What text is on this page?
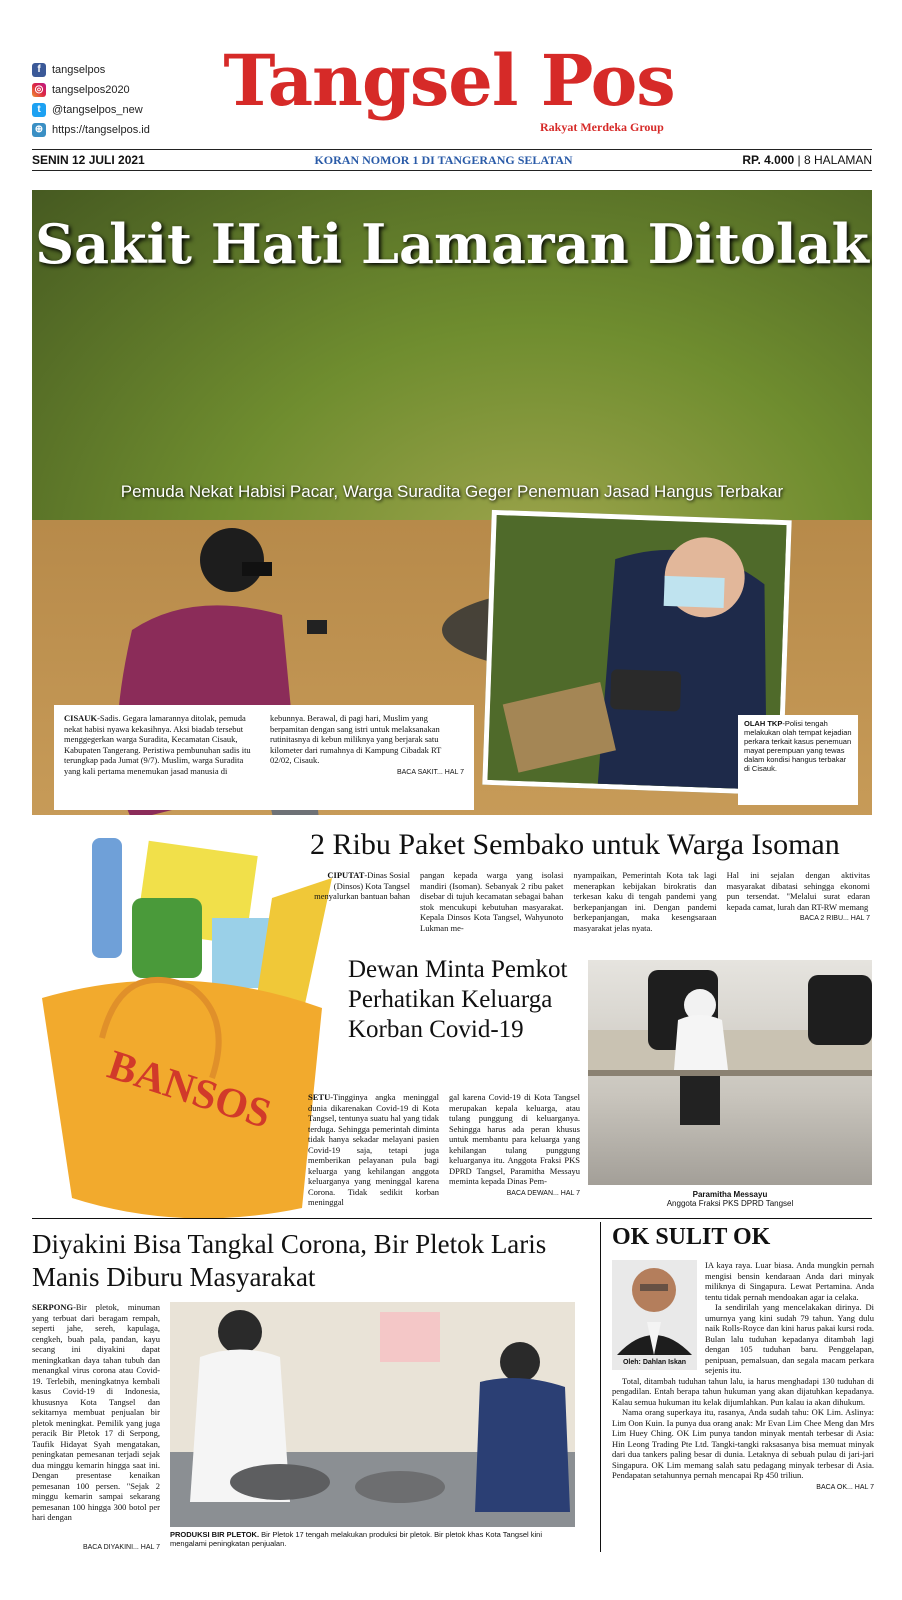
f	tangselpos
◎ tangselpos2020
t	@tangselpos_new
⊕ https://tangselpos.id
Tangsel Pos
Rakyat Merdeka Group
SENIN 12 JULI 2021	KORAN NOMOR 1 DI TANGERANG SELATAN	RP. 4.000 | 8 HALAMAN
Sakit Hati Lamaran Ditolak
Pemuda Nekat Habisi Pacar, Warga Suradita Geger Penemuan Jasad Hangus Terbakar

CISAUK-Sadis. Gegara lamarannya ditolak, pemuda nekat habisi nyawa kekasihnya. Aksi biadab tersebut menggegerkan warga Suradita, Kecamatan Cisauk, Kabupaten Tangerang. Peristiwa pembunuhan sadis itu terungkap pada Jumat (9/7). Muslim, warga Suradita yang kali pertama menemukan jasad manusia di

kebunnya. Berawal, di pagi hari, Muslim yang berpamitan dengan sang istri untuk melaksanakan rutinitasnya di kebun miliknya yang berjarak satu kilometer dari rumahnya di Kampung Cibadak RT 02/02, Cisauk.
BACA SAKIT... HAL 7

OLAH TKP-Polisi tengah melakukan olah tempat kejadian perkara terkait kasus penemuan mayat perempuan yang tewas dalam kondisi hangus terbakar di Cisauk.
BANSOS
2 Ribu Paket Sembako untuk Warga Isoman

CIPUTAT-Dinas Sosial (Dinsos) Kota Tangsel menyalurkan bantuan bahan

pangan kepada warga yang isolasi mandiri (Isoman). Sebanyak 2 ribu paket disebar di tujuh kecamatan sebagai bahan stok mencukupi kebutuhan masyarakat. Kepala Dinsos Kota Tangsel, Wahyunoto Lukman me-

nyampaikan, Pemerintah Kota tak lagi menerapkan kebijakan birokratis dan terkesan kaku di tengah pandemi yang berkepanjangan ini. Dengan pandemi berkepanjangan, maka kesengsaraan masyarakat jelas nyata.

Hal ini sejalan dengan aktivitas masyarakat dibatasi sehingga ekonomi pun tersendat. "Melalui surat edaran kepada camat, lurah dan RT-RW memang
BACA 2 RIBU... HAL 7

Dewan Minta Pemkot Perhatikan Keluarga Korban Covid-19

SETU-Tingginya angka meninggal dunia dikarenakan Covid-19 di Kota Tangsel, tentunya suatu hal yang tidak terduga. Sehingga pemerintah diminta tidak hanya sekadar melayani pasien Covid-19 saja, tetapi juga memberikan pelayanan pula bagi keluarga yang kehilangan anggota keluarganya yang meninggal karena Corona. Tidak sedikit korban meninggal

gal karena Covid-19 di Kota Tangsel merupakan kepala keluarga, atau tulang punggung di keluarganya. Sehingga harus ada peran khusus untuk membantu para keluarga yang kehilangan tulang punggung keluarganya itu. Anggota Fraksi PKS DPRD Tangsel, Paramitha Messayu meminta kepada Dinas Pem-
BACA DEWAN... HAL 7	Paramitha Messayu
Anggota Fraksi PKS DPRD Tangsel
Diyakini Bisa Tangkal Corona, Bir Pletok Laris Manis Diburu Masyarakat

SERPONG-Bir pletok, minuman yang terbuat dari beragam rempah, seperti jahe, sereh, kapulaga, cengkeh, buah pala, pandan, kayu secang ini diyakini dapat meningkatkan daya tahan tubuh dan menangkal virus corona atau Covid-19. Terlebih, meningkatnya kembali kasus Covid-19 di Indonesia, khususnya Kota Tangsel dan sekitarnya membuat penjualan bir pletok meningkat. Pemilik yang juga peracik Bir Pletok 17 di Serpong, Taufik Hidayat Syah mengatakan, peningkatan pemesanan terjadi sejak dua minggu kemarin hingga saat ini. Dengan presentase kenaikan pemesanan 100 persen. "Sejak 2 minggu kemarin sampai sekarang pemesanan 100 hingga 300 botol per hari dengan

BACA DIYAKINI... HAL 7
PRODUKSI BIR PLETOK. Bir Pletok 17 tengah melakukan produksi bir pletok. Bir pletok khas Kota Tangsel kini mengalami peningkatan penjualan.
OK SULIT OK
Oleh: Dahlan Iskan

IA kaya raya. Luar biasa. Anda mungkin pernah mengisi bensin kendaraan Anda dari minyak miliknya di Singapura. Lewat Pertamina. Anda tentu tidak pernah mendoakan agar ia celaka.

Ia sendirilah yang mencelakakan dirinya. Di umurnya yang kini sudah 79 tahun. Yang dulu naik Rolls-Royce dan kini harus pakai kursi roda. Bulan lalu tuduhan kepadanya ditambah lagi dengan 105 tuduhan baru. Penggelapan, penipuan, pemalsuan, dan segala macam perkara sejenis itu.

Total, ditambah tuduhan tahun lalu, ia harus menghadapi 130 tuduhan di pengadilan. Entah berapa tahun hukuman yang akan dijatuhkan kepadanya. Kalau semua hukuman itu kelak dijumlahkan. Pun kalau ia akan dihukum.

Nama orang superkaya itu, rasanya, Anda sudah tahu: OK Lim. Aslinya: Lim Oon Kuin. Ia punya dua orang anak: Mr Evan Lim Chee Meng dan Mrs Lim Huey Ching. OK Lim punya tandon minyak mentah terbesar di Asia: Hin Leong Trading Pte Ltd. Tangki-tangki raksasanya bisa memuat minyak dari dua tankers paling besar di dunia. Letaknya di sebuah pulau di jari-jari Singapura. OK Lim memang salah satu pedagang minyak terbesar di Asia. Pendapatan setahunnya pernah mencapai Rp 450 triliun.

BACA OK... HAL 7
